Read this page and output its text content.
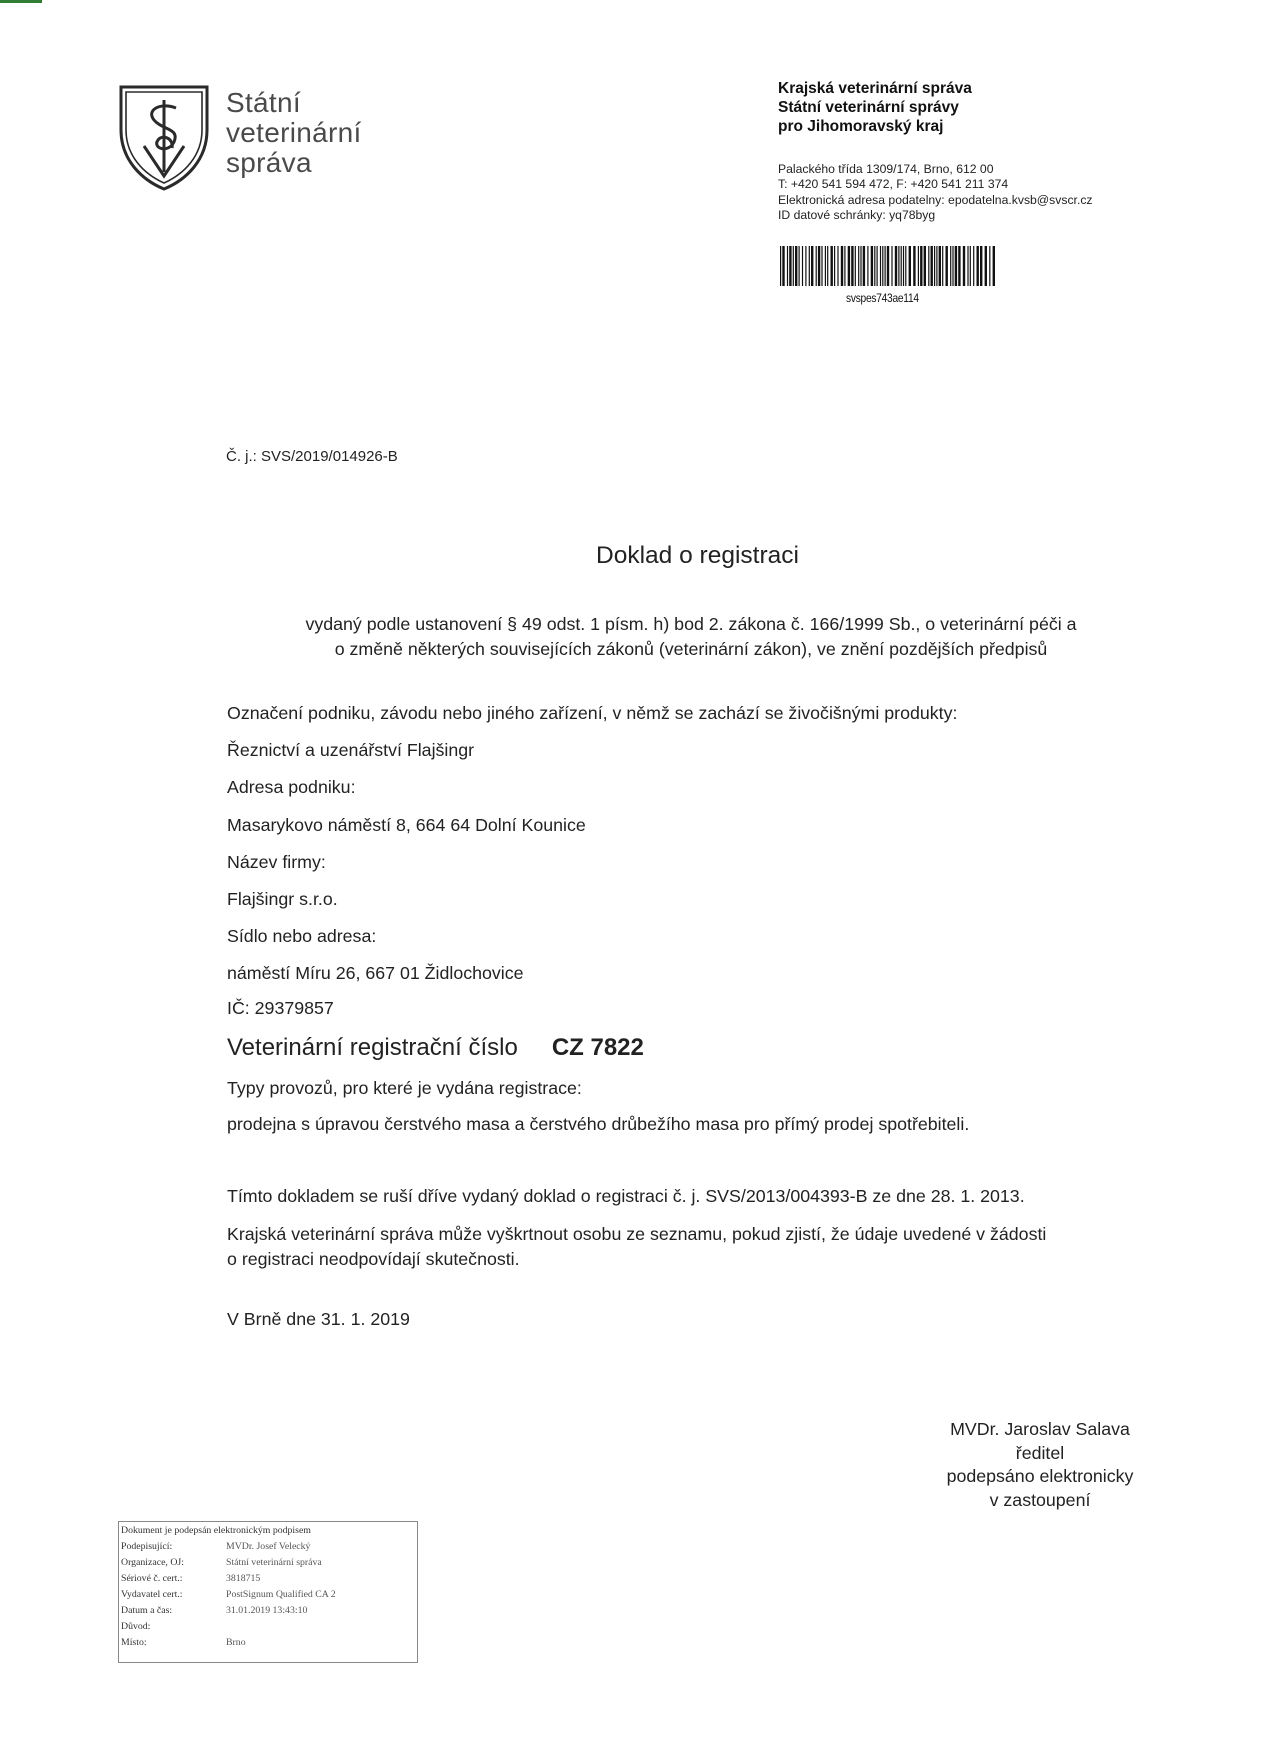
Státní
veterinární
správa
Krajská veterinární správa
Státní veterinární správy
pro Jihomoravský kraj
Palackého třída 1309/174, Brno, 612 00
T: +420 541 594 472, F: +420 541 211 374
Elektronická adresa podatelny: epodatelna.kvsb@svscr.cz
ID datové schránky: yq78byg
svspes743ae114
Č. j.: SVS/2019/014926-B
Doklad o registraci
vydaný podle ustanovení § 49 odst. 1 písm. h) bod 2. zákona č. 166/1999 Sb., o veterinární péči a
o změně některých souvisejících zákonů (veterinární zákon), ve znění pozdějších předpisů
Označení podniku, závodu nebo jiného zařízení, v němž se zachází se živočišnými produkty:
Řeznictví a uzenářství Flajšingr
Adresa podniku:
Masarykovo náměstí 8, 664 64 Dolní Kounice
Název firmy:
Flajšingr s.r.o.
Sídlo nebo adresa:
náměstí Míru 26, 667 01 Židlochovice
IČ: 29379857
Veterinární registrační číslo CZ 7822
Typy provozů, pro které je vydána registrace:
prodejna s úpravou čerstvého masa a čerstvého drůbežího masa pro přímý prodej spotřebiteli.
Tímto dokladem se ruší dříve vydaný doklad o registraci č. j. SVS/2013/004393-B ze dne 28. 1. 2013.
Krajská veterinární správa může vyškrtnout osobu ze seznamu, pokud zjistí, že údaje uvedené v žádosti
o registraci neodpovídají skutečnosti.
V Brně dne 31. 1. 2019
MVDr. Jaroslav Salava
ředitel
podepsáno elektronicky
v zastoupení
Dokument je podepsán elektronickým podpisem
Podepisující:	MVDr. Josef Velecký
Organizace, OJ:	Státní veterinární správa
Sériové č. cert.:	3818715
Vydavatel cert.:	PostSignum Qualified CA 2
Datum a čas:	31.01.2019 13:43:10
Důvod:
Místo:	Brno
